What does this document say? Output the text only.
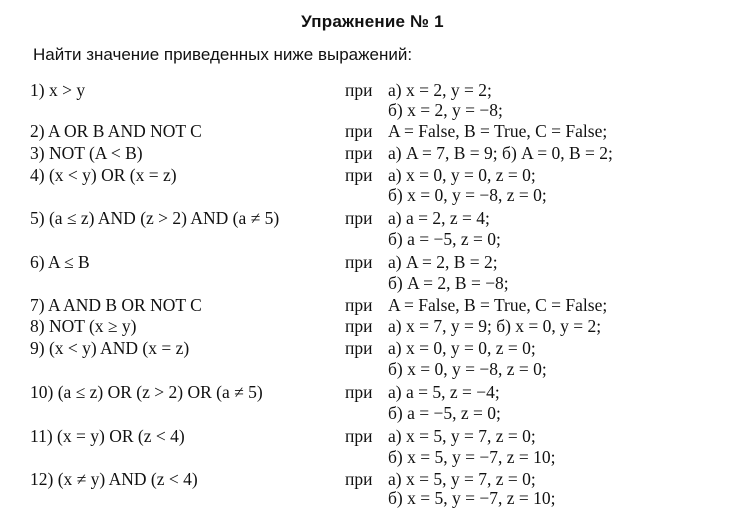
Упражнение № 1
Найти значение приведенных ниже выражений:
1) x > y	при а) x = 2, y = 2;
б) x = 2, y = −8;
2) A OR B AND NOT C	при A = False, B = True, C = False;
3) NOT (A < B)	при а) A = 7, B = 9; б) A = 0, B = 2;
4) (x < y) OR (x = z)	при а) x = 0, y = 0, z = 0;
б) x = 0, y = −8, z = 0;
5) (a ≤ z) AND (z > 2) AND (a ≠ 5)	при а) a = 2, z = 4;
б) a = −5, z = 0;
6) A ≤ B	при а) A = 2, B = 2;
б) A = 2, B = −8;
7) A AND B OR NOT C	при A = False, B = True, C = False;
8) NOT (x ≥ y)	при а) x = 7, y = 9; б) x = 0, y = 2;
9) (x < y) AND (x = z)	при а) x = 0, y = 0, z = 0;
б) x = 0, y = −8, z = 0;
10) (a ≤ z) OR (z > 2) OR (a ≠ 5)	при а) a = 5, z = −4;
б) a = −5, z = 0;
11) (x = y) OR (z < 4)	при а) x = 5, y = 7, z = 0;
б) x = 5, y = −7, z = 10;
12) (x ≠ y) AND (z < 4)	при а) x = 5, y = 7, z = 0;
б) x = 5, y = −7, z = 10;
